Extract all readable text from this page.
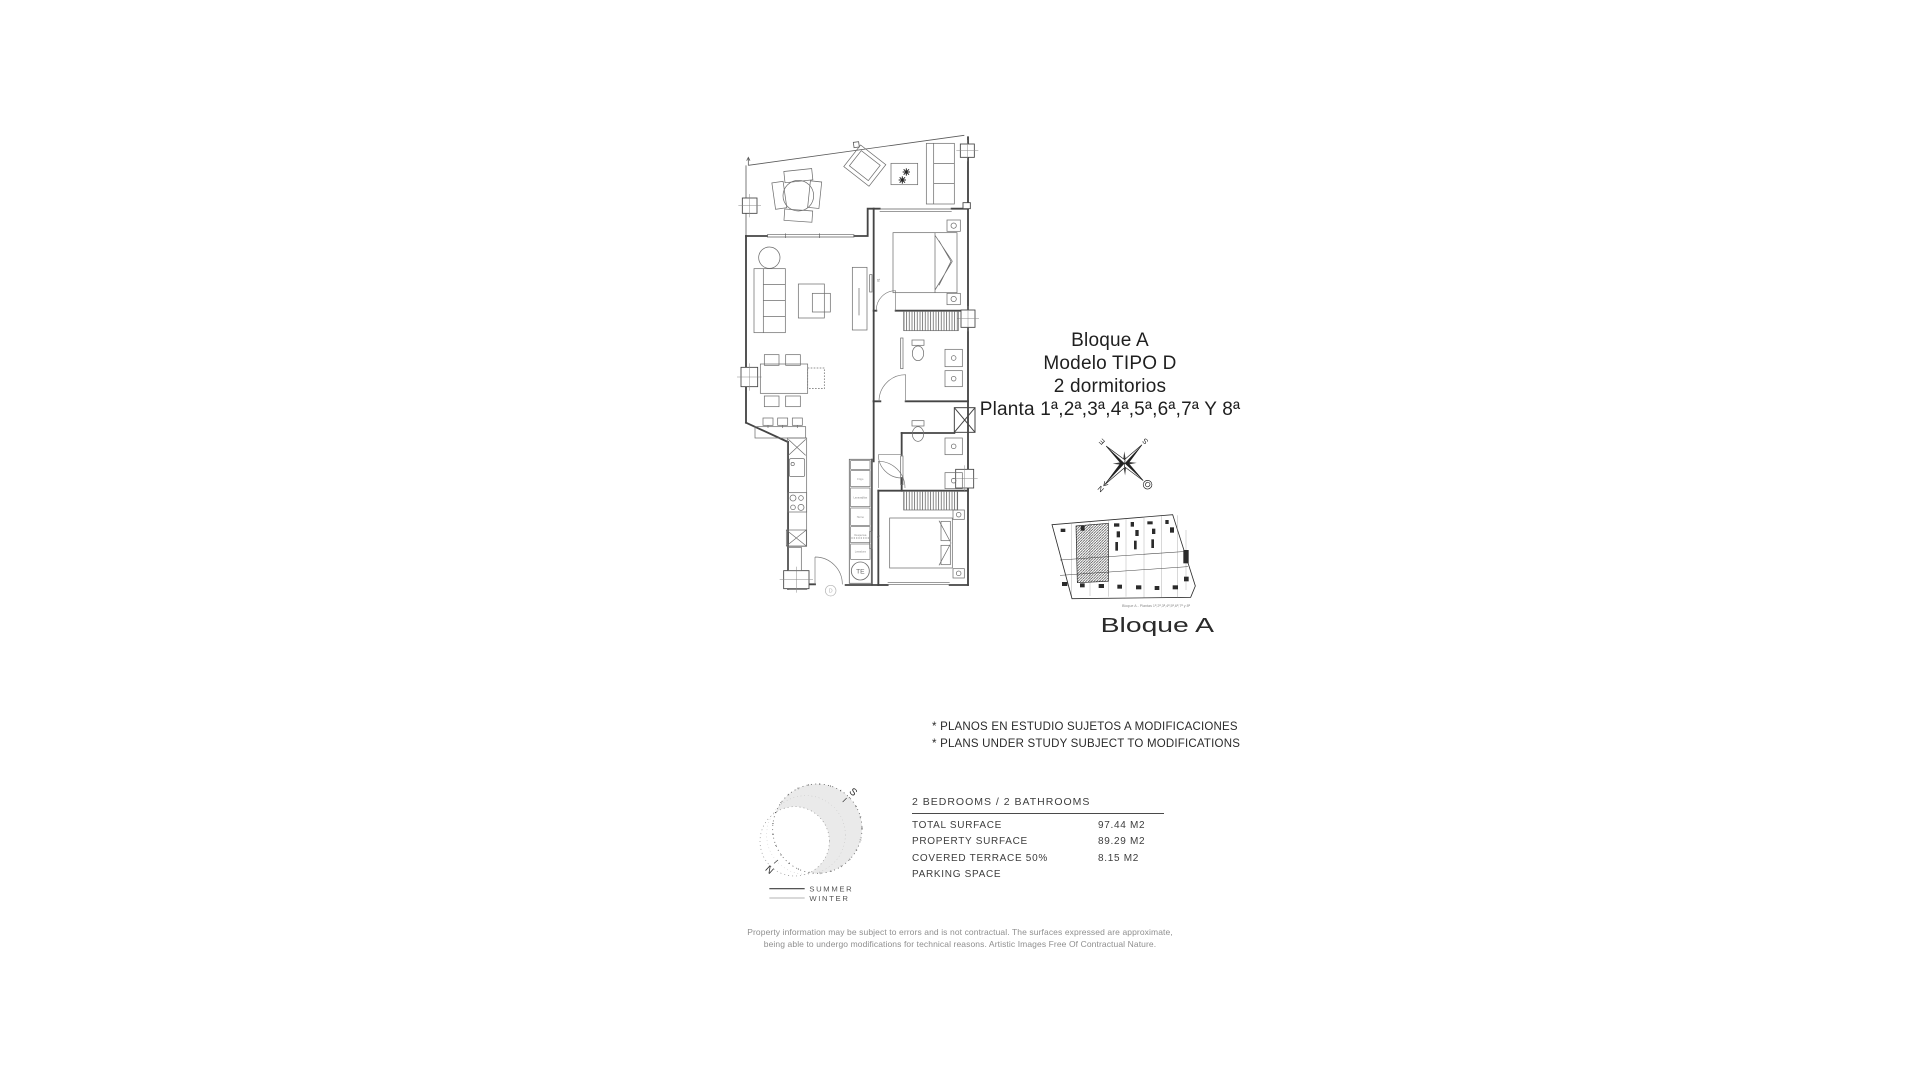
tv
Frigo
Lavavajillas
Horno
Despensa
Lavadora
TE
tv
D
Bloque A
Modelo TIPO D
2 dormitorios
Planta 1ª,2ª,3ª,4ª,5ª,6ª,7ª Y 8ª
N
S
E
O
Bloque A - Plantas 1ª,2ª,3ª,4ª,5ª,6ª,7ª y 8ª
Bloque A
* PLANOS EN ESTUDIO SUJETOS A MODIFICACIONES
* PLANS UNDER STUDY SUBJECT TO MODIFICATIONS
S
N
SUMMER
WINTER
2 BEDROOMS / 2 BATHROOMS
TOTAL SURFACE	97.44 M2
PROPERTY SURFACE	89.29 M2
COVERED TERRACE 50%	8.15 M2
PARKING SPACE
Property information may be subject to errors and is not contractual. The surfaces expressed are approximate,
being able to undergo modifications for technical reasons. Artistic Images Free Of Contractual Nature.
